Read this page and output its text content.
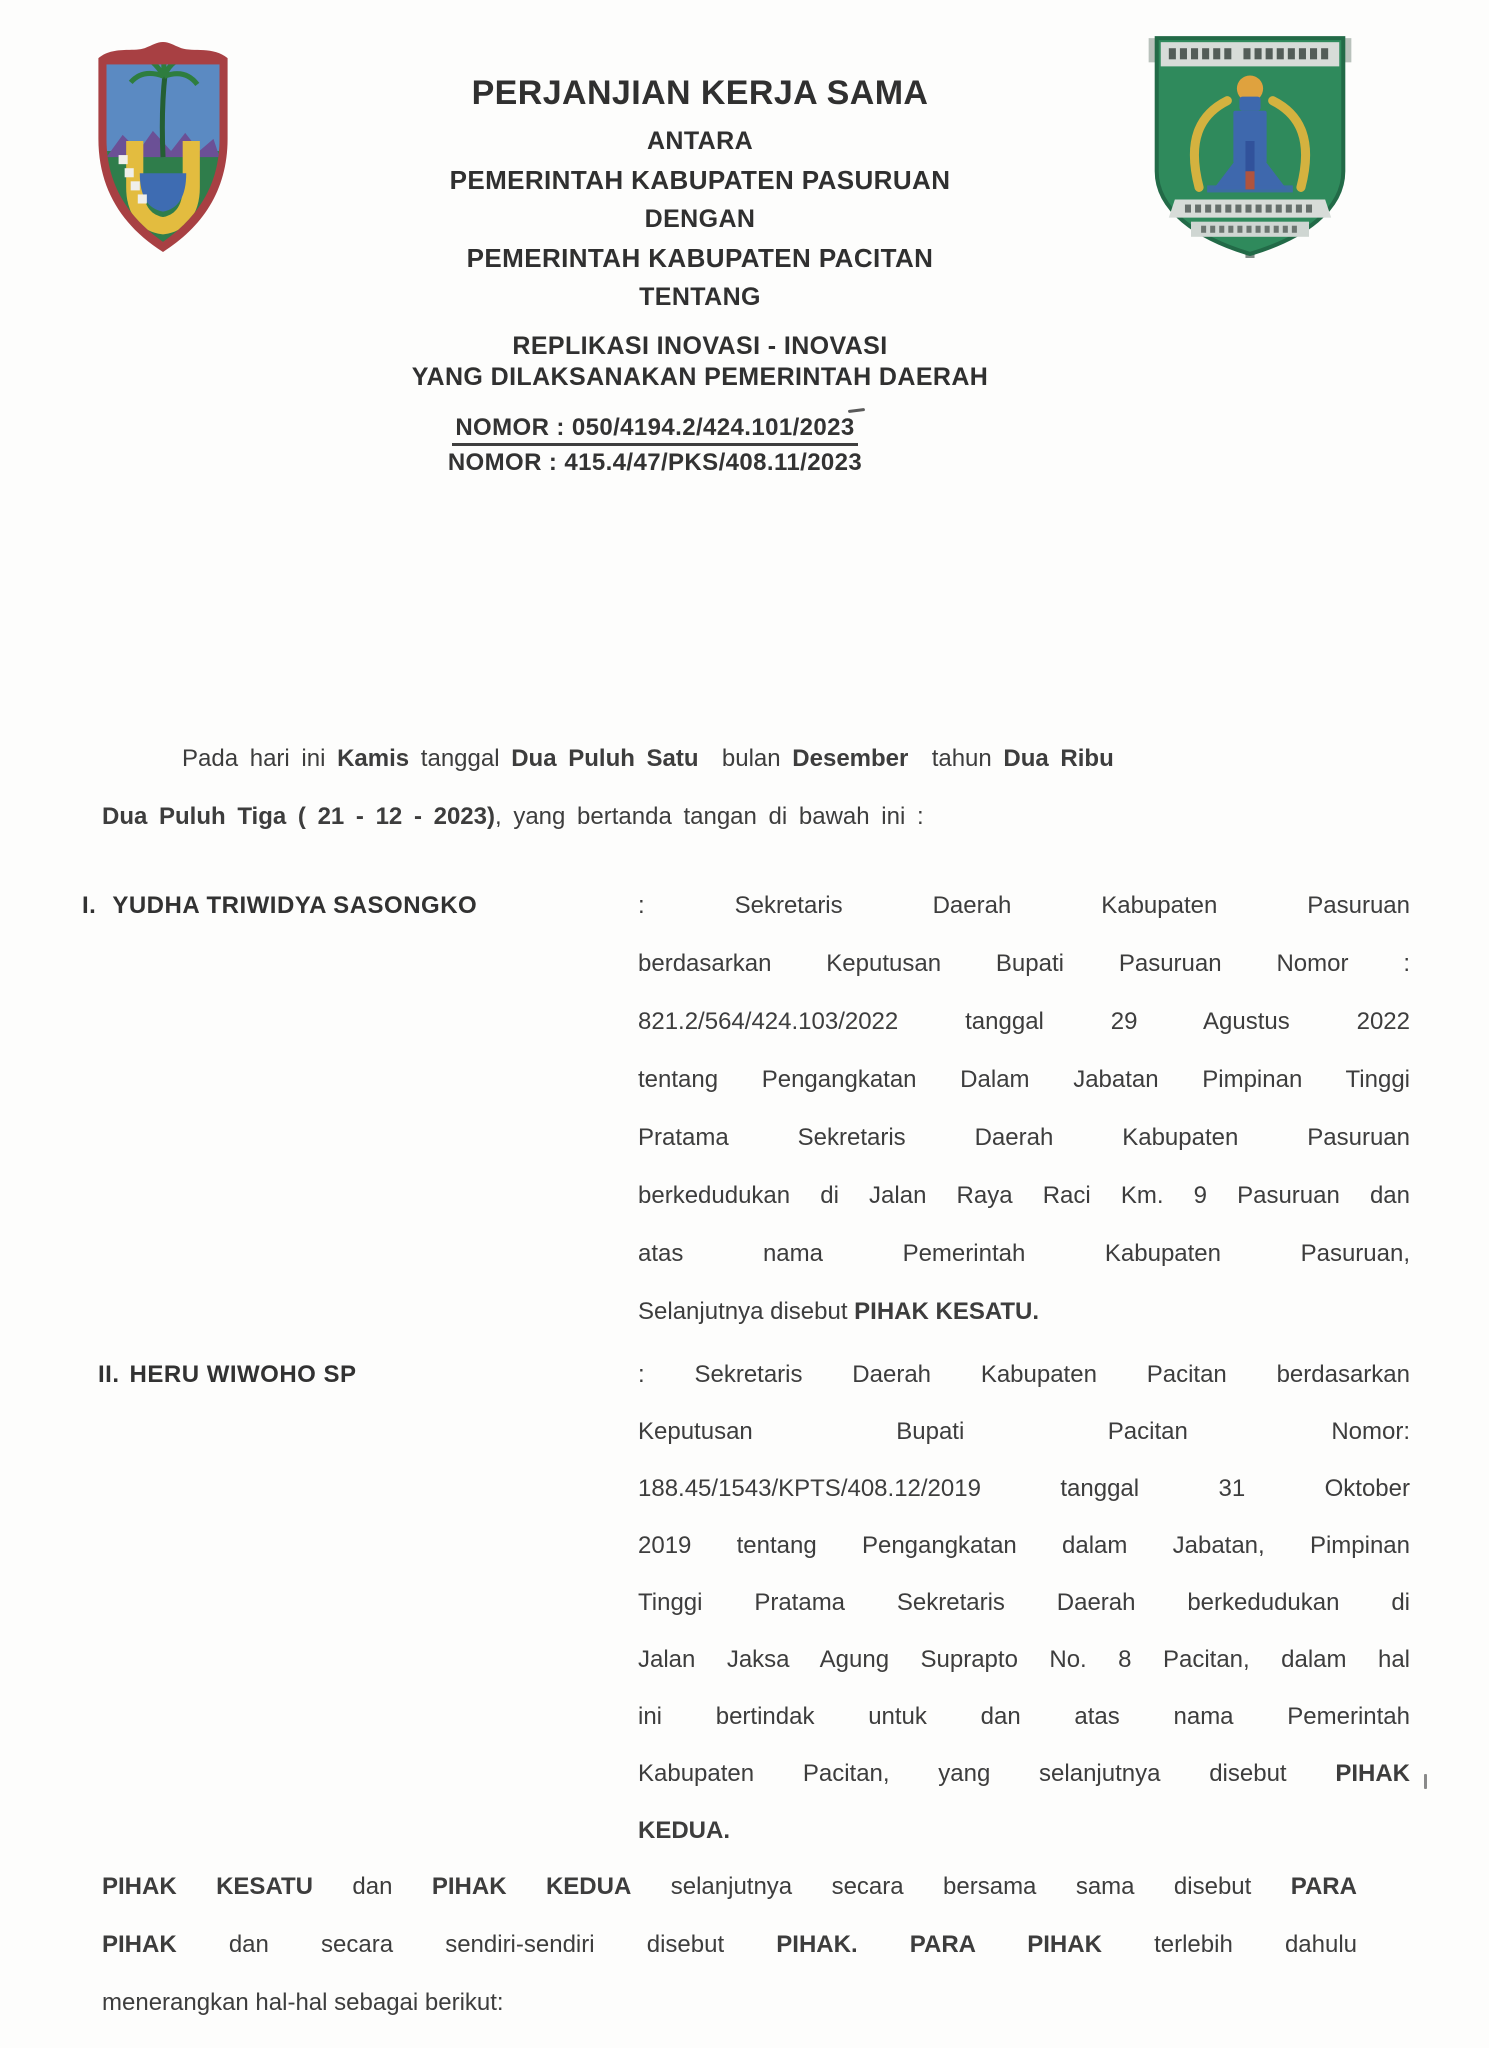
PERJANJIAN KERJA SAMA
ANTARA
PEMERINTAH KABUPATEN PASURUAN
DENGAN
PEMERINTAH KABUPATEN PACITAN
TENTANG
REPLIKASI INOVASI - INOVASI
YANG DILAKSANAKAN PEMERINTAH DAERAH
NOMOR : 050/4194.2/424.101/2023
NOMOR : 415.4/47/PKS/408.11/2023
Pada hari ini Kamis tanggal Dua Puluh Satu  bulan Desember  tahun Dua Ribu
Dua Puluh Tiga ( 21 - 12 - 2023), yang bertanda tangan di bawah ini :
I. YUDHA TRIWIDYA SASONGKO	: Sekretaris Daerah Kabupaten Pasuruan
berdasarkan Keputusan Bupati Pasuruan Nomor :
821.2/564/424.103/2022 tanggal 29 Agustus 2022
tentang Pengangkatan Dalam Jabatan Pimpinan Tinggi
Pratama Sekretaris Daerah Kabupaten Pasuruan
berkedudukan di Jalan Raya Raci Km. 9 Pasuruan dan
atas nama Pemerintah Kabupaten Pasuruan,
Selanjutnya disebut PIHAK KESATU.
II. HERU WIWOHO SP	: Sekretaris Daerah Kabupaten Pacitan berdasarkan
Keputusan Bupati Pacitan Nomor:
188.45/1543/KPTS/408.12/2019 tanggal 31 Oktober
2019 tentang Pengangkatan dalam Jabatan, Pimpinan
Tinggi Pratama Sekretaris Daerah berkedudukan di
Jalan Jaksa Agung Suprapto No. 8 Pacitan, dalam hal
ini bertindak untuk dan atas nama Pemerintah
Kabupaten Pacitan, yang selanjutnya disebut PIHAK
KEDUA.
PIHAK KESATU dan PIHAK KEDUA selanjutnya secara bersama sama disebut PARA
PIHAK dan secara sendiri-sendiri disebut PIHAK. PARA PIHAK terlebih dahulu
menerangkan hal-hal sebagai berikut:
